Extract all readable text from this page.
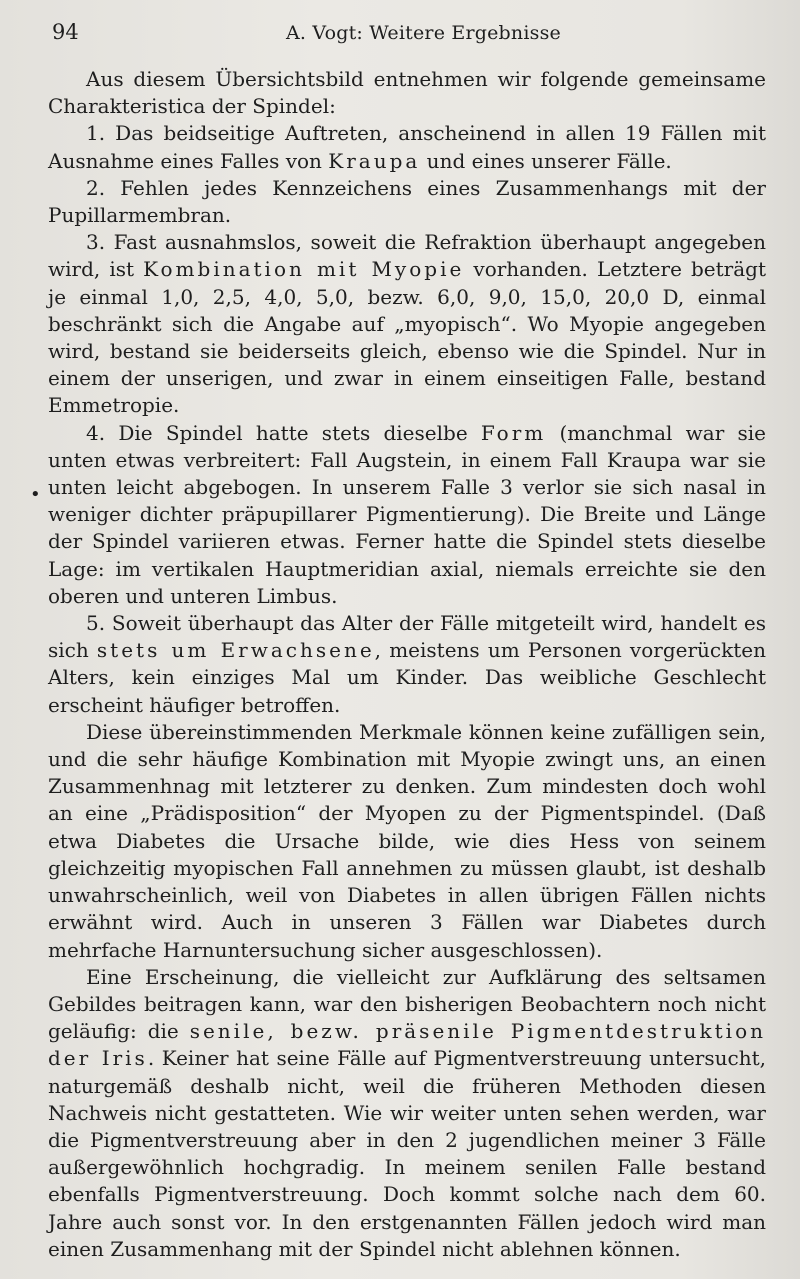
94	A. Vogt: Weitere Ergebnisse
•

Aus diesem Übersichtsbild entnehmen wir folgende gemeinsame Charakteristica der Spindel:

1. Das beidseitige Auftreten, anscheinend in allen 19 Fällen mit Ausnahme eines Falles von Kraupa und eines unserer Fälle.

2. Fehlen jedes Kennzeichens eines Zusammenhangs mit der Pupillarmembran.

3. Fast ausnahmslos, soweit die Refraktion überhaupt angegeben wird, ist Kombination mit Myopie vorhanden. Letztere beträgt je einmal 1,0, 2,5, 4,0, 5,0, bezw. 6,0, 9,0, 15,0, 20,0 D, einmal beschränkt sich die Angabe auf „myopisch“. Wo Myopie angegeben wird, bestand sie beiderseits gleich, ebenso wie die Spindel. Nur in einem der unserigen, und zwar in einem einseitigen Falle, bestand Emmetropie.

4. Die Spindel hatte stets dieselbe Form (manchmal war sie unten etwas verbreitert: Fall Augstein, in einem Fall Kraupa war sie unten leicht abgebogen. In unserem Falle 3 verlor sie sich nasal in weniger dichter präpupillarer Pigmentierung). Die Breite und Länge der Spindel variieren etwas. Ferner hatte die Spindel stets dieselbe Lage: im vertikalen Hauptmeridian axial, niemals erreichte sie den oberen und unteren Limbus.

5. Soweit überhaupt das Alter der Fälle mitgeteilt wird, handelt es sich stets um Erwachsene, meistens um Personen vorgerückten Alters, kein einziges Mal um Kinder. Das weibliche Geschlecht erscheint häufiger betroffen.

Diese übereinstimmenden Merkmale können keine zufälligen sein, und die sehr häufige Kombination mit Myopie zwingt uns, an einen Zusammenhnag mit letzterer zu denken. Zum mindesten doch wohl an eine „Prädisposition“ der Myopen zu der Pigmentspindel. (Daß etwa Diabetes die Ursache bilde, wie dies Hess von seinem gleichzeitig myopischen Fall annehmen zu müssen glaubt, ist deshalb unwahrscheinlich, weil von Diabetes in allen übrigen Fällen nichts erwähnt wird. Auch in unseren 3 Fällen war Diabetes durch mehrfache Harnuntersuchung sicher ausgeschlossen).

Eine Erscheinung, die vielleicht zur Aufklärung des seltsamen Gebildes beitragen kann, war den bisherigen Beobachtern noch nicht geläufig: die senile, bezw. präsenile Pigmentdestruktion der Iris. Keiner hat seine Fälle auf Pigmentverstreuung untersucht, naturgemäß deshalb nicht, weil die früheren Methoden diesen Nachweis nicht gestatteten. Wie wir weiter unten sehen werden, war die Pigmentverstreuung aber in den 2 jugendlichen meiner 3 Fälle außergewöhnlich hochgradig. In meinem senilen Falle bestand ebenfalls Pigmentverstreuung. Doch kommt solche nach dem 60. Jahre auch sonst vor. In den erstgenannten Fällen jedoch wird man einen Zusammenhang mit der Spindel nicht ablehnen können.
